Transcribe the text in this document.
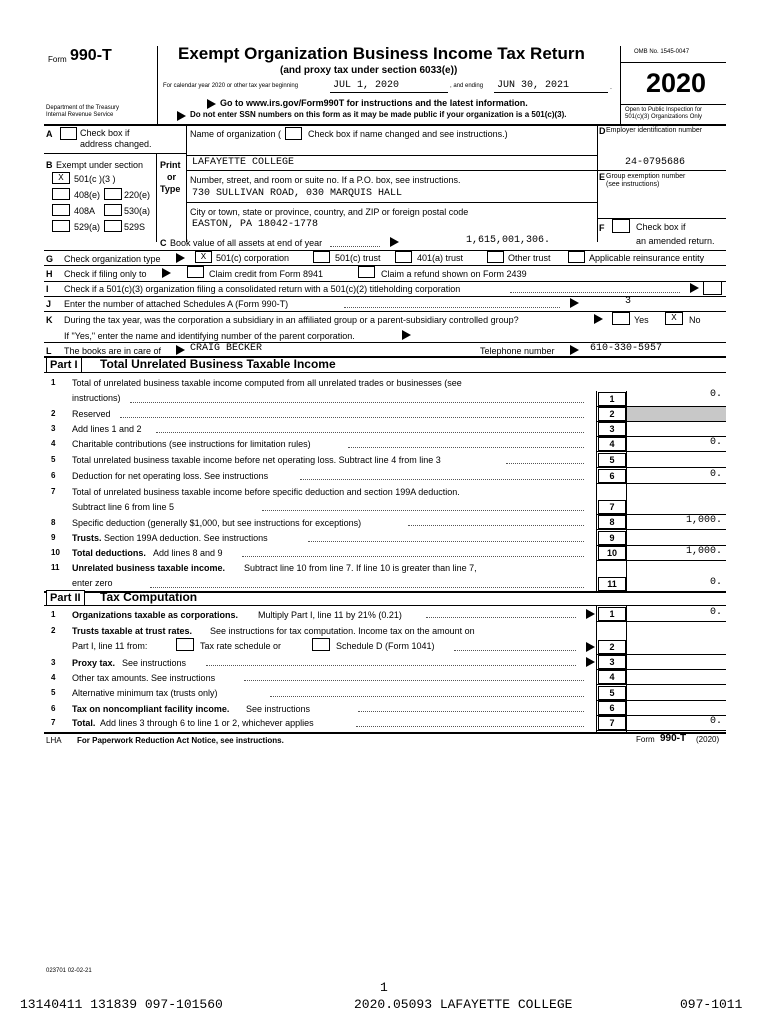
Form 990-T
Department of the Treasury
Internal Revenue Service
Exempt Organization Business Income Tax Return
(and proxy tax under section 6033(e))
For calendar year 2020 or other tax year beginning	JUL 1, 2020	, and ending JUN 30, 2021	.
Go to www.irs.gov/Form990T for instructions and the latest information.
Do not enter SSN numbers on this form as it may be made public if your organization is a 501(c)(3).
OMB No. 1545-0047
2020
Open to Public Inspection for
501(c)(3) Organizations Only
A	Check box if
address changed.
Name of organization (	Check box if name changed and see instructions.)	D Employer identification number
B Exempt under section Print
or
Type
LAFAYETTE COLLEGE	24-0795686
Number, street, and room or suite no. If a P.O. box, see instructions.
730 SULLIVAN ROAD, 030 MARQUIS HALL
E Group exemption number
(see instructions)
City or town, state or province, country, and ZIP or foreign postal code
EASTON, PA 18042-1778	F	Check box if
an amended return.
X	501(c )(3 )
408(e)	220(e)
408A	530(a)
529(a)	529S
C Book value of all assets at end of year	1,615,001,306.
G Check organization type	X	501(c) corporation	501(c) trust	401(a) trust	Other trust	Applicable reinsurance entity
H Check if filing only to	Claim credit from Form 8941	Claim a refund shown on Form 2439
I Check if a 501(c)(3) organization filing a consolidated return with a 501(c)(2) titleholding corporation
J Enter the number of attached Schedules A (Form 990-T)	3
K During the tax year, was the corporation a subsidiary in an affiliated group or a parent-subsidiary controlled group?	Yes	X	No
If "Yes," enter the name and identifying number of the parent corporation.
L The books are in care of	CRAIG BECKER	Telephone number	610-330-5957
Part I	Total Unrelated Business Taxable Income
1 Total of unrelated business taxable income computed from all unrelated trades or businesses (see
instructions)	1	0.
2 Reserved	2
3 Add lines 1 and 2	3
4 Charitable contributions (see instructions for limitation rules)	4	0.
5 Total unrelated business taxable income before net operating loss. Subtract line 4 from line 3	5
6 Deduction for net operating loss. See instructions	6	0.
7 Total of unrelated business taxable income before specific deduction and section 199A deduction.
Subtract line 6 from line 5	7
8 Specific deduction (generally $1,000, but see instructions for exceptions)	8	1,000.
9 Trusts. Section 199A deduction. See instructions	9
10 Total deductions. Add lines 8 and 9	10	1,000.
11 Unrelated business taxable income. Subtract line 10 from line 7. If line 10 is greater than line 7,
enter zero	11	0.
Part II	Tax Computation
1 Organizations taxable as corporations. Multiply Part I, line 11 by 21% (0.21)	1	0.
2 Trusts taxable at trust rates. See instructions for tax computation. Income tax on the amount on
Part I, line 11 from:	Tax rate schedule or	Schedule D (Form 1041)	2
3 Proxy tax. See instructions	3
4 Other tax amounts. See instructions	4
5 Alternative minimum tax (trusts only)	5
6 Tax on noncompliant facility income. See instructions	6
7 Total. Add lines 3 through 6 to line 1 or 2, whichever applies	7	0.
LHA For Paperwork Reduction Act Notice, see instructions.	Form 990-T (2020)
023701 02-02-21
1
13140411 131839 097-101560	2020.05093 LAFAYETTE COLLEGE	097-1011
